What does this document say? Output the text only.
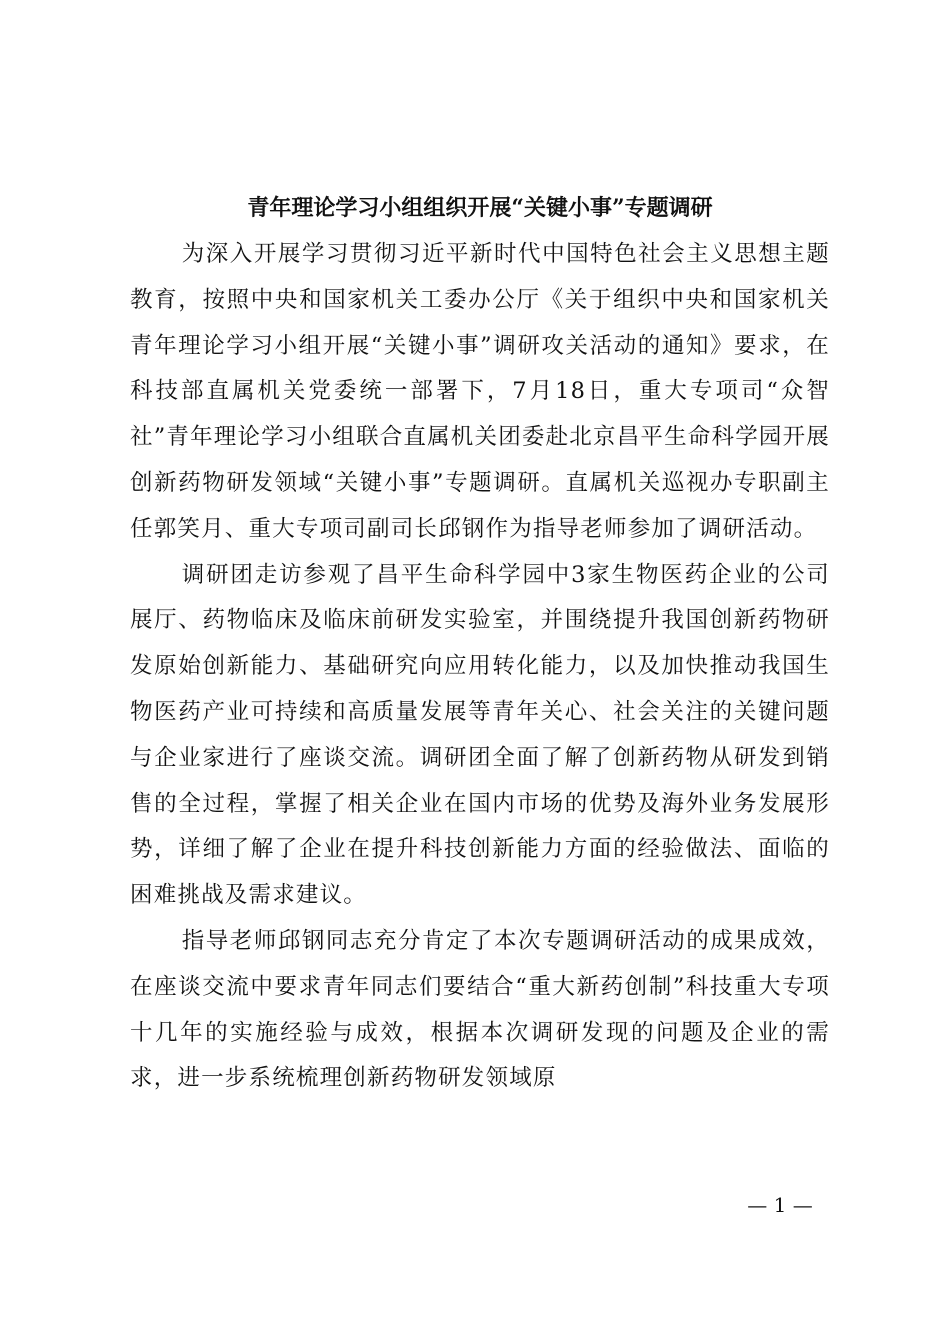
青年理论学习小组组织开展“关键小事”专题调研

为深入开展学习贯彻习近平新时代中国特色社会主义思想主题教育，按照中央和国家机关工委办公厅《关于组织中央和国家机关青年理论学习小组开展“关键小事”调研攻关活动的通知》要求，在科技部直属机关党委统一部署下，7月18日，重大专项司“众智社”青年理论学习小组联合直属机关团委赴北京昌平生命科学园开展创新药物研发领域“关键小事”专题调研。直属机关巡视办专职副主任郭笑月、重大专项司副司长邱钢作为指导老师参加了调研活动。

调研团走访参观了昌平生命科学园中3家生物医药企业的公司展厅、药物临床及临床前研发实验室，并围绕提升我国创新药物研发原始创新能力、基础研究向应用转化能力，以及加快推动我国生物医药产业可持续和高质量发展等青年关心、社会关注的关键问题与企业家进行了座谈交流。调研团全面了解了创新药物从研发到销售的全过程，掌握了相关企业在国内市场的优势及海外业务发展形势，详细了解了企业在提升科技创新能力方面的经验做法、面临的困难挑战及需求建议。

指导老师邱钢同志充分肯定了本次专题调研活动的成果成效，在座谈交流中要求青年同志们要结合“重大新药创制”科技重大专项十几年的实施经验与成效，根据本次调研发现的问题及企业的需求，进一步系统梳理创新药物研发领域原

— 1 —
